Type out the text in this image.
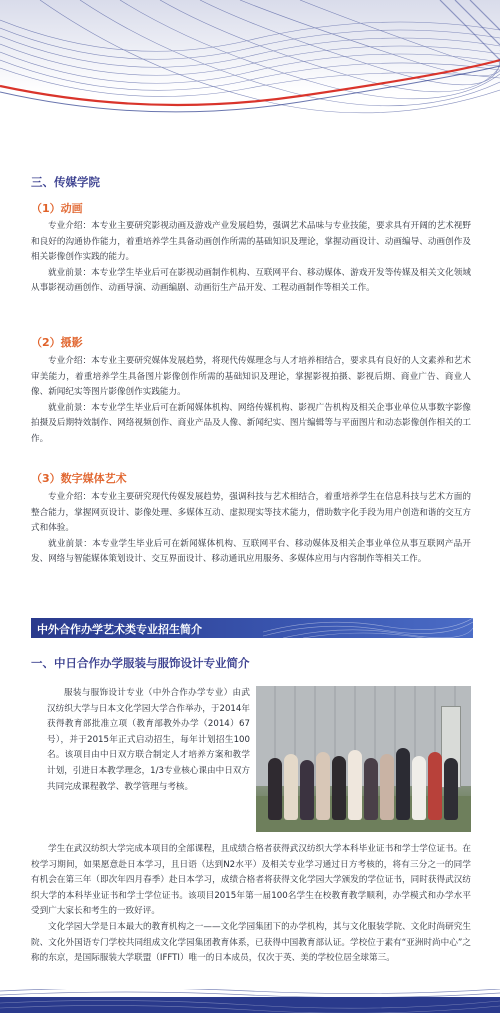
三、传媒学院
（1）动画

专业介绍：本专业主要研究影视动画及游戏产业发展趋势，强调艺术品味与专业技能，要求具有开阔的艺术视野和良好的沟通协作能力，着重培养学生具备动画创作所需的基础知识及理论，掌握动画设计、动画编导、动画创作及相关影像创作实践的能力。

就业前景：本专业学生毕业后可在影视动画制作机构、互联网平台、移动媒体、游戏开发等传媒及相关文化领域从事影视动画创作、动画导演、动画编剧、动画衍生产品开发、工程动画制作等相关工作。

（2）摄影

专业介绍：本专业主要研究媒体发展趋势，将现代传媒理念与人才培养相结合，要求具有良好的人文素养和艺术审美能力，着重培养学生具备图片影像创作所需的基础知识及理论，掌握影视拍摄、影视后期、商业广告、商业人像、新闻纪实等图片影像创作实践能力。

就业前景：本专业学生毕业后可在新闻媒体机构、网络传媒机构、影视广告机构及相关企事业单位从事数字影像拍摄及后期特效制作、网络视频创作、商业产品及人像、新闻纪实、图片编辑等与平面图片和动态影像创作相关的工作。

（3）数字媒体艺术

专业介绍：本专业主要研究现代传媒发展趋势，强调科技与艺术相结合，着重培养学生在信息科技与艺术方面的整合能力，掌握网页设计、影像处理、多媒体互动、虚拟现实等技术能力，借助数字化手段为用户创造和谐的交互方式和体验。

就业前景：本专业学生毕业后可在新闻媒体机构、互联网平台、移动媒体及相关企事业单位从事互联网产品开发、网络与智能媒体策划设计、交互界面设计、移动通讯应用服务、多媒体应用与内容制作等相关工作。

中外合作办学艺术类专业招生简介
一、中日合作办学服装与服饰设计专业简介

服装与服饰设计专业（中外合作办学专业）由武汉纺织大学与日本文化学园大学合作举办，于2014年获得教育部批准立项（教育部教外办学（2014）67号），并于2015年正式启动招生，每年计划招生100名。该项目由中日双方联合制定人才培养方案和教学计划，引进日本教学理念，1/3专业核心课由中日双方共同完成课程教学、教学管理与考核。

学生在武汉纺织大学完成本项目的全部课程，且成绩合格者获得武汉纺织大学本科毕业证书和学士学位证书。在校学习期间，如果愿意赴日本学习，且日语（达到N2水平）及相关专业学习通过日方考核的，将有三分之一的同学有机会在第三年（即次年四月春季）赴日本学习，成绩合格者将获得文化学园大学颁发的学位证书，同时获得武汉纺织大学的本科毕业证书和学士学位证书。该项目2015年第一届100名学生在校教育教学顺利，办学模式和办学水平受到广大家长和考生的一致好评。

文化学园大学是日本最大的教育机构之一——文化学园集团下的办学机构，其与文化服装学院、文化时尚研究生院、文化外国语专门学校共同组成文化学园集团教育体系，已获得中国教育部认证。学校位于素有“亚洲时尚中心”之称的东京，是国际服装大学联盟（IFFTI）唯一的日本成员，仅次于英、美的学校位居全球第三。
